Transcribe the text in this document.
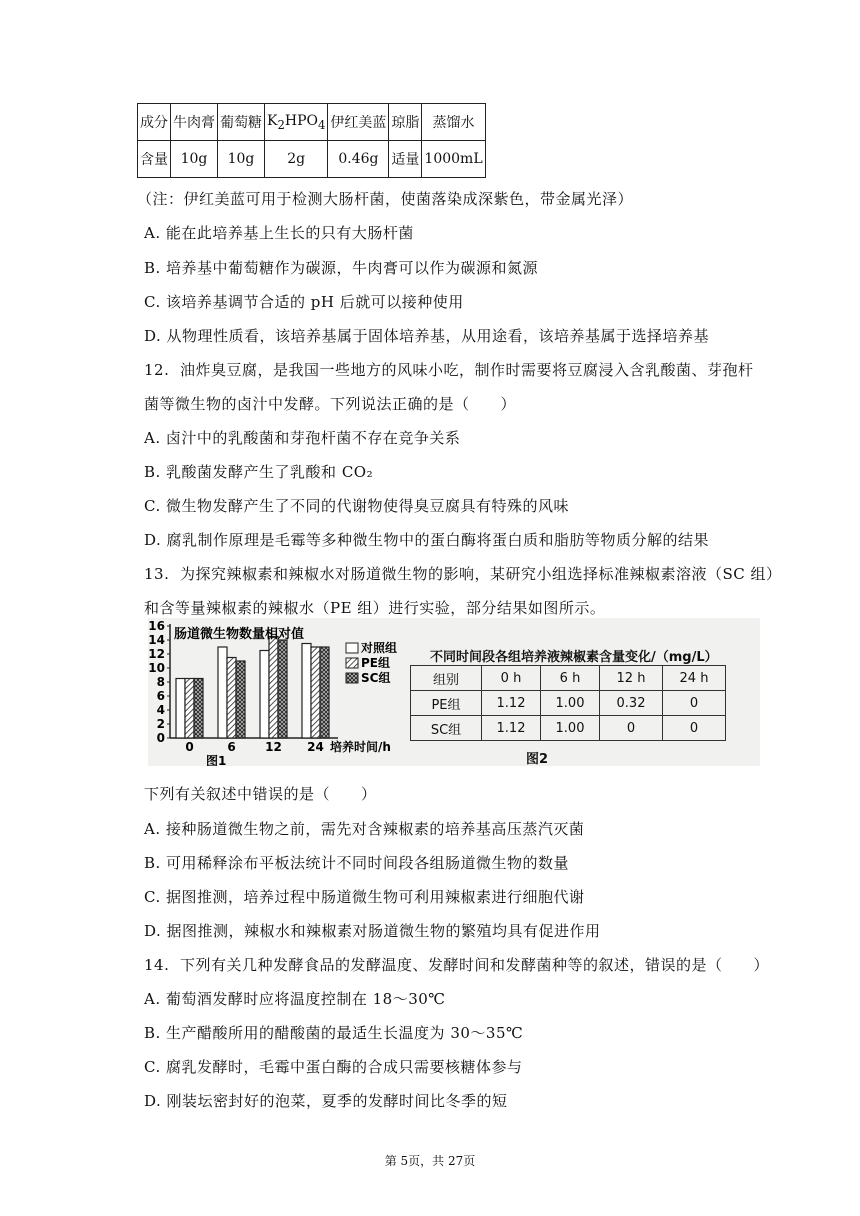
成分	牛肉膏	葡萄糖	$K_2HPO_4$	伊红美蓝	琼脂	蒸馏水
含量	10g	10g	2g	0.46g	适量	1000mL
（注：伊红美蓝可用于检测大肠杆菌，使菌落染成深紫色，带金属光泽）
A. 能在此培养基上生长的只有大肠杆菌
B. 培养基中葡萄糖作为碳源，牛肉膏可以作为碳源和氮源
C. 该培养基调节合适的 pH 后就可以接种使用
D. 从物理性质看，该培养基属于固体培养基，从用途看，该培养基属于选择培养基
12. 油炸臭豆腐，是我国一些地方的风味小吃，制作时需要将豆腐浸入含乳酸菌、芽孢杆
菌等微生物的卤汁中发酵。下列说法正确的是（　　）
A. 卤汁中的乳酸菌和芽孢杆菌不存在竞争关系
B. 乳酸菌发酵产生了乳酸和 CO₂
C. 微生物发酵产生了不同的代谢物使得臭豆腐具有特殊的风味
D. 腐乳制作原理是毛霉等多种微生物中的蛋白酶将蛋白质和脂肪等物质分解的结果
13. 为探究辣椒素和辣椒水对肠道微生物的影响，某研究小组选择标准辣椒素溶液（SC 组）
和含等量辣椒素的辣椒水（PE 组）进行实验，部分结果如图所示。
0
2
4
6
8
10
12
14
16
0	6 12 24
肠道微生物数量相对值
培养时间/h
图1
对照组
PE组
SC组
不同时间段各组培养液辣椒素含量变化/（mg/L）
组别	0 h	6 h	12 h	24 h
PE组	1.12	1.00	0.32	0
SC组	1.12	1.00	0	0
图2
下列有关叙述中错误的是（　　）
A. 接种肠道微生物之前，需先对含辣椒素的培养基高压蒸汽灭菌
B. 可用稀释涂布平板法统计不同时间段各组肠道微生物的数量
C. 据图推测，培养过程中肠道微生物可利用辣椒素进行细胞代谢
D. 据图推测，辣椒水和辣椒素对肠道微生物的繁殖均具有促进作用
14. 下列有关几种发酵食品的发酵温度、发酵时间和发酵菌种等的叙述，错误的是（　　）
A. 葡萄酒发酵时应将温度控制在 18～30℃
B. 生产醋酸所用的醋酸菌的最适生长温度为 30～35℃
C. 腐乳发酵时，毛霉中蛋白酶的合成只需要核糖体参与
D. 刚装坛密封好的泡菜，夏季的发酵时间比冬季的短
第 5页，共 27页
